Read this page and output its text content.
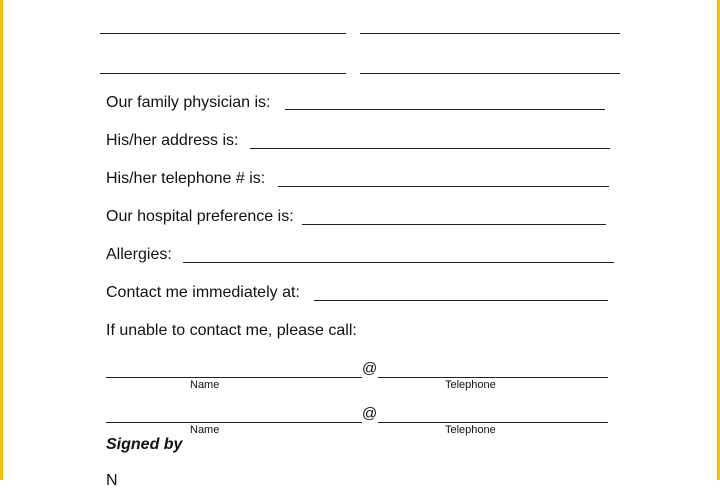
Our family physician is:
His/her address is:
His/her telephone # is:
Our hospital preference is:
Allergies:
Contact me immediately at:
If unable to contact me, please call:
@
Name	Telephone
@
Name	Telephone
Signed by
N
